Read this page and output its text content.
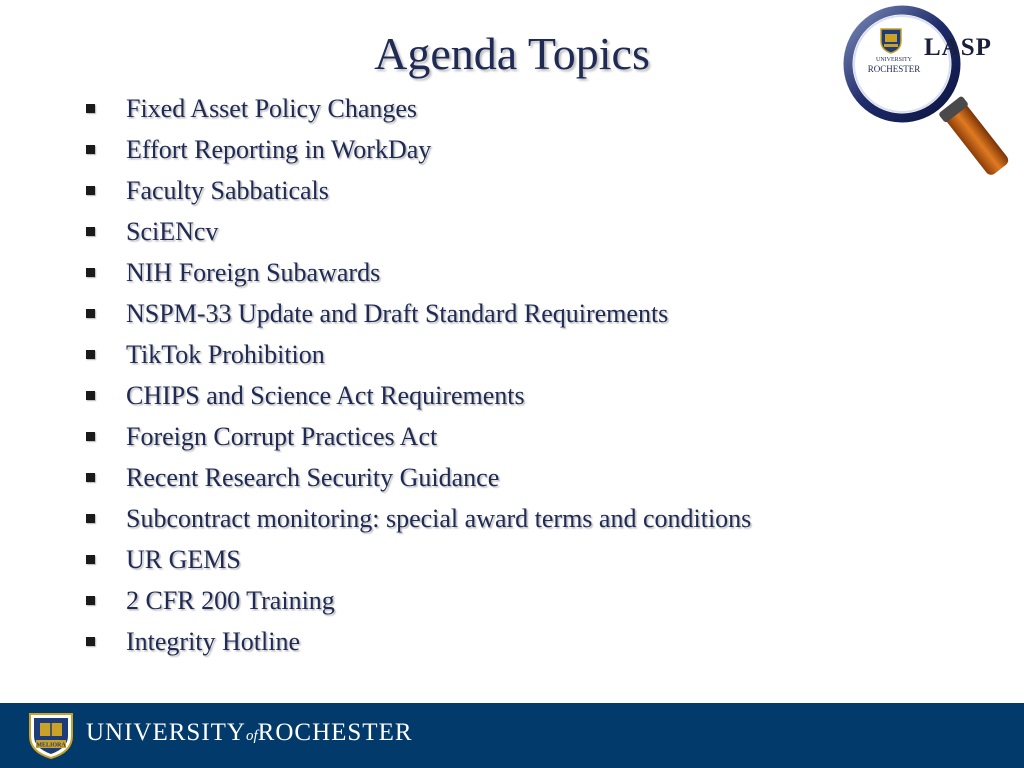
Agenda Topics
Fixed Asset Policy Changes
Effort Reporting in WorkDay
Faculty Sabbaticals
SciENcv
NIH Foreign Subawards
NSPM-33 Update and Draft Standard Requirements
TikTok Prohibition
CHIPS and Science Act Requirements
Foreign Corrupt Practices Act
Recent Research Security Guidance
Subcontract monitoring: special award terms and conditions
UR GEMS
2 CFR 200 Training
Integrity Hotline
UNIVERSITY
ROCHESTER
LASP
MELIORA UNIVERSITYofROCHESTER
